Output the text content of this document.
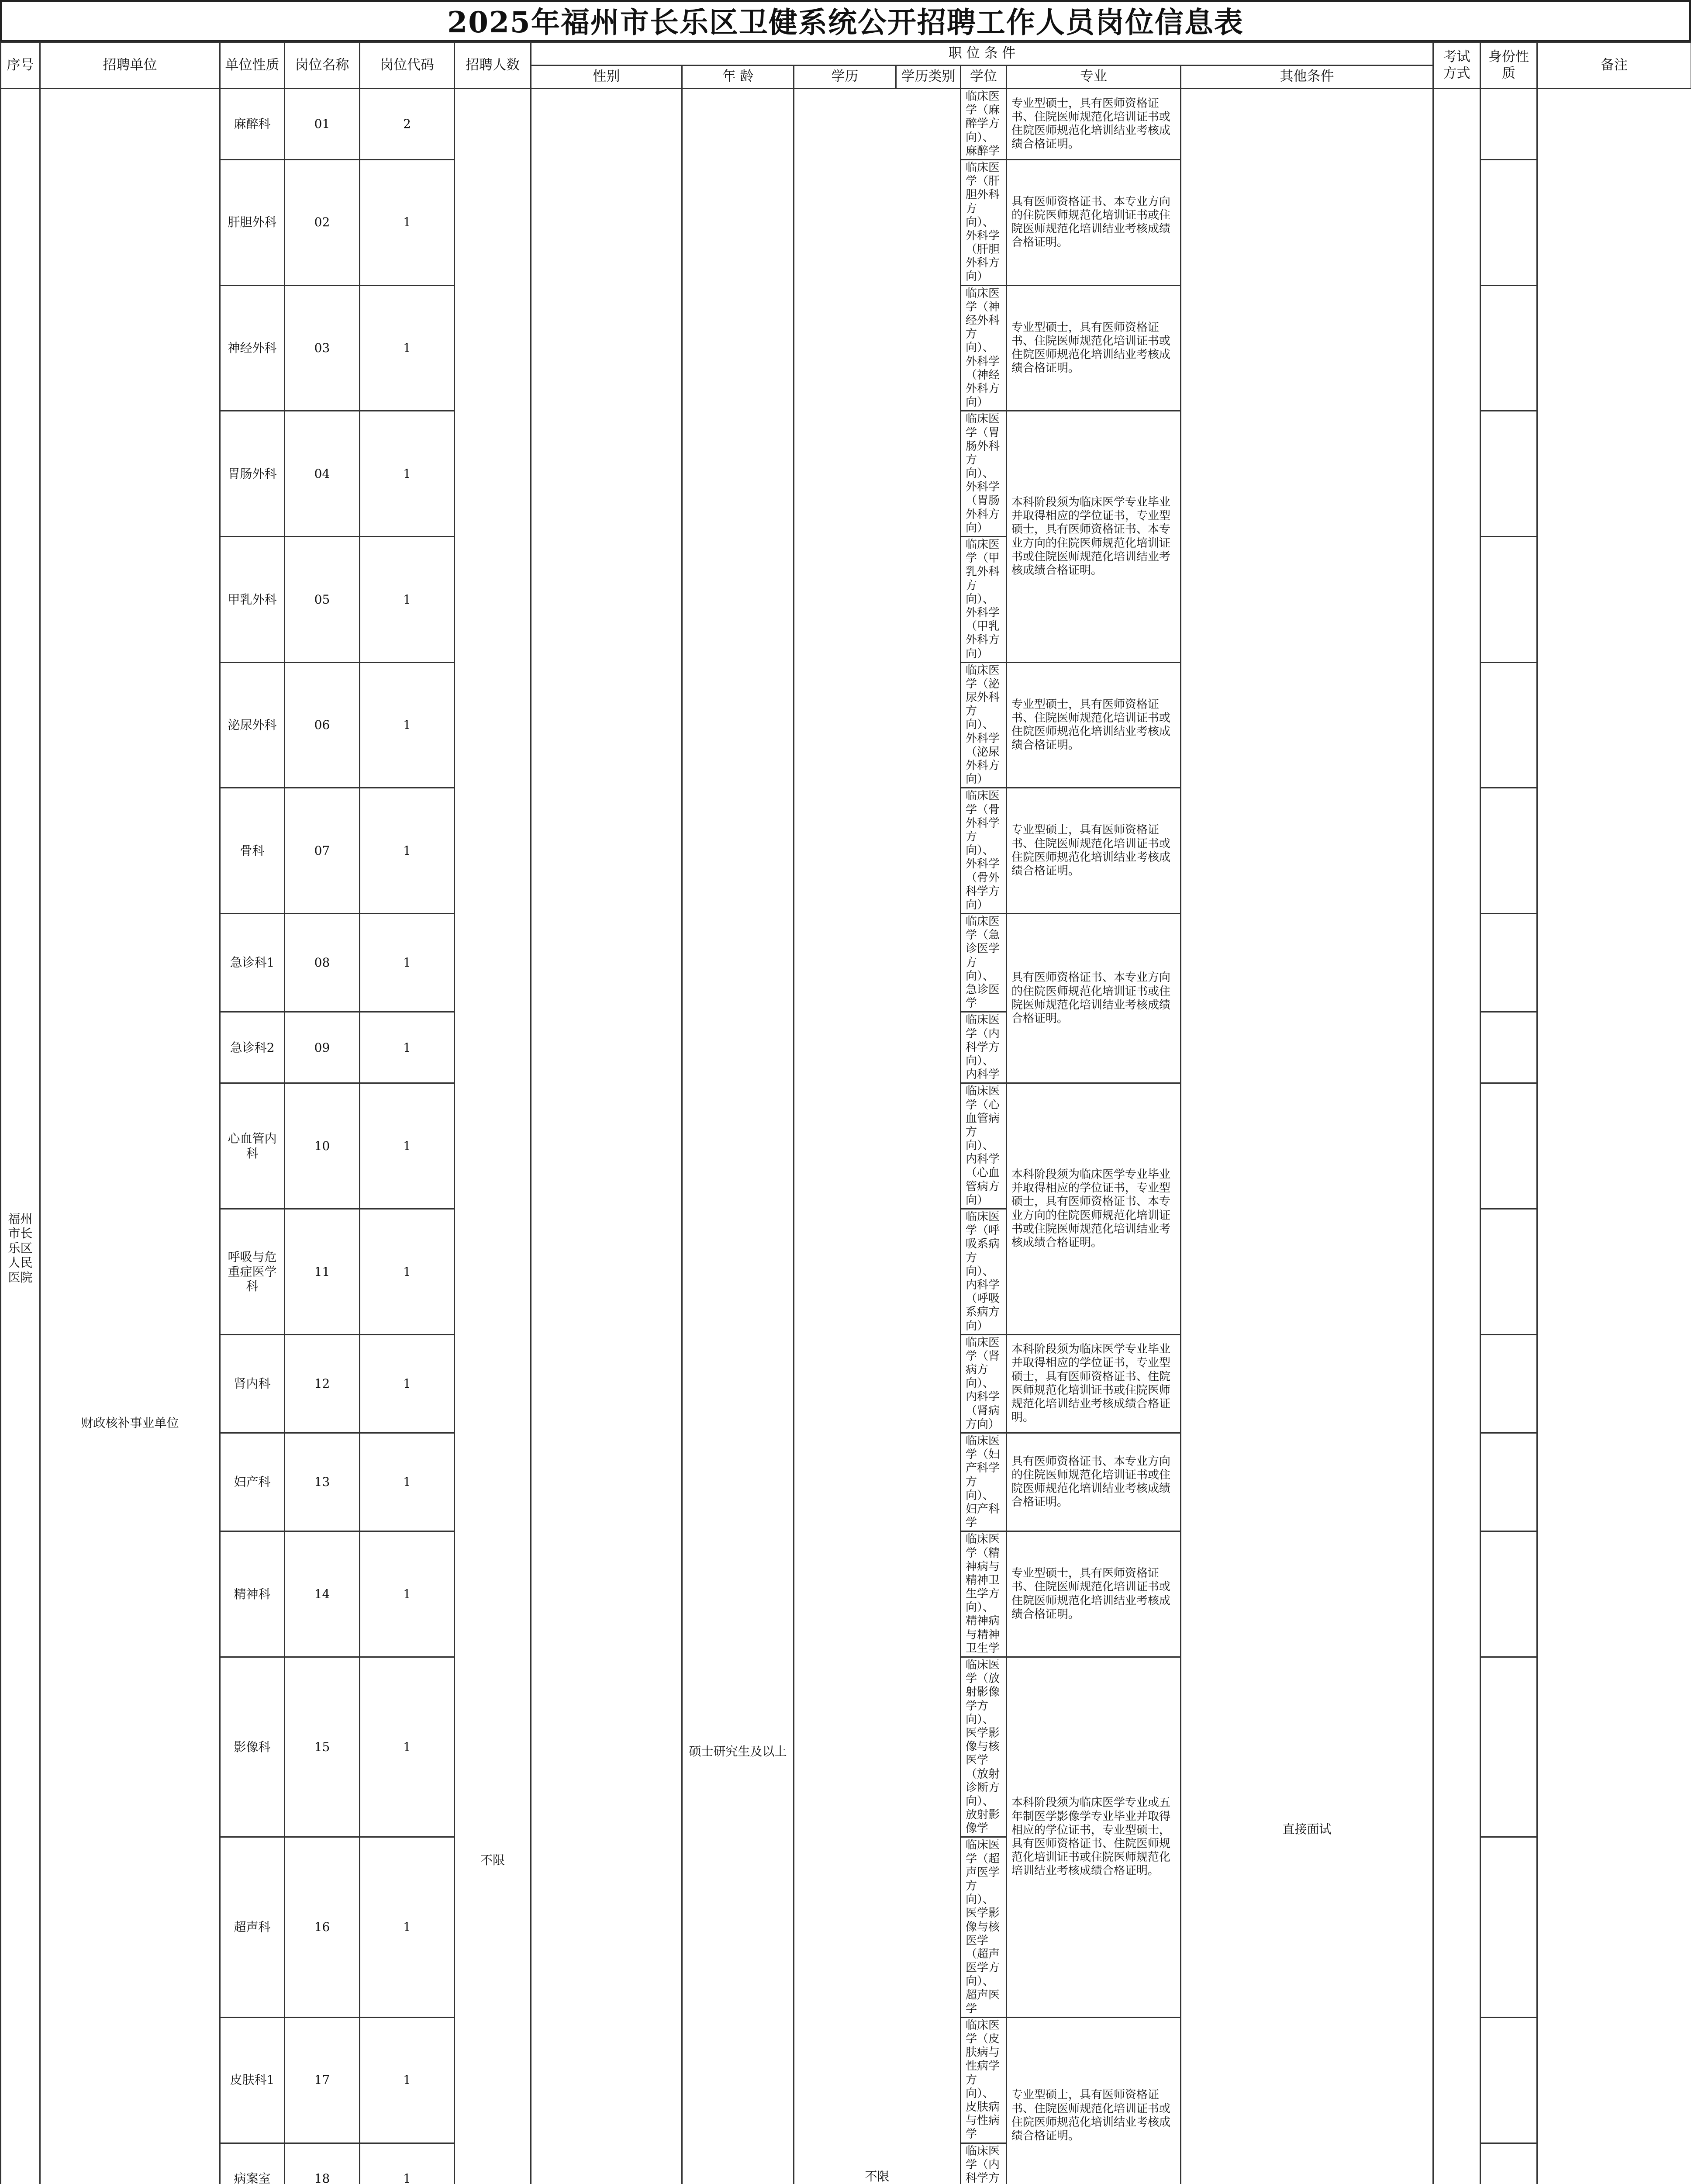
2025年福州市长乐区卫健系统公开招聘工作人员岗位信息表
序号	招聘单位	单位性质	岗位名称	岗位代码	招聘人数	职 位 条 件							考试方式	身份性质	备注
						性别	年 龄	学历	学历类别	学位	专业	其他条件			
福州市长乐区人民医院	财政核补事业单位	麻醉科	01	2	不限		硕士研究生及以上	不限		临床医学（麻醉学方向）、麻醉学	专业型硕士，具有医师资格证书、住院医师规范化培训证书或住院医师规范化培训结业考核成绩合格证明。	直接面试		
		肝胆外科	02	1						临床医学（肝胆外科方向）、外科学（肝胆外科方向）	具有医师资格证书、本专业方向的住院医师规范化培训证书或住院医师规范化培训结业考核成绩合格证明。				
		神经外科	03	1						临床医学（神经外科方向）、外科学（神经外科方向）	专业型硕士，具有医师资格证书、住院医师规范化培训证书或住院医师规范化培训结业考核成绩合格证明。				
		胃肠外科	04	1						临床医学（胃肠外科方向）、外科学（胃肠外科方向）	本科阶段须为临床医学专业毕业并取得相应的学位证书，专业型硕士，具有医师资格证书、本专业方向的住院医师规范化培训证书或住院医师规范化培训结业考核成绩合格证明。				
		甲乳外科	05	1						临床医学（甲乳外科方向）、外科学（甲乳外科方向）					
		泌尿外科	06	1						临床医学（泌尿外科方向）、外科学（泌尿外科方向）	专业型硕士，具有医师资格证书、住院医师规范化培训证书或住院医师规范化培训结业考核成绩合格证明。				
		骨科	07	1						临床医学（骨外科学方向）、外科学（骨外科学方向）	专业型硕士，具有医师资格证书、住院医师规范化培训证书或住院医师规范化培训结业考核成绩合格证明。				
		急诊科1	08	1						临床医学（急诊医学方向）、急诊医学	具有医师资格证书、本专业方向的住院医师规范化培训证书或住院医师规范化培训结业考核成绩合格证明。				
		急诊科2	09	1						临床医学（内科学方向）、内科学					
		心血管内科	10	1						临床医学（心血管病方向）、内科学（心血管病方向）	本科阶段须为临床医学专业毕业并取得相应的学位证书，专业型硕士，具有医师资格证书、本专业方向的住院医师规范化培训证书或住院医师规范化培训结业考核成绩合格证明。				
		呼吸与危重症医学科	11	1						临床医学（呼吸系病方向）、内科学（呼吸系病方向）					
		肾内科	12	1						临床医学（肾病方向）、内科学（肾病方向）	本科阶段须为临床医学专业毕业并取得相应的学位证书，专业型硕士，具有医师资格证书、住院医师规范化培训证书或住院医师规范化培训结业考核成绩合格证明。				
		妇产科	13	1						临床医学（妇产科学方向）、妇产科学	具有医师资格证书、本专业方向的住院医师规范化培训证书或住院医师规范化培训结业考核成绩合格证明。				
		精神科	14	1						临床医学（精神病与精神卫生学方向）、精神病与精神卫生学	专业型硕士，具有医师资格证书、住院医师规范化培训证书或住院医师规范化培训结业考核成绩合格证明。				
		影像科	15	1						临床医学（放射影像学方向）、医学影像与核医学（放射诊断方向）、放射影像学	本科阶段须为临床医学专业或五年制医学影像学专业毕业并取得相应的学位证书，专业型硕士，具有医师资格证书、住院医师规范化培训证书或住院医师规范化培训结业考核成绩合格证明。				
		超声科	16	1						临床医学（超声医学方向）、医学影像与核医学（超声医学方向）、超声医学					
		皮肤科1	17	1						临床医学（皮肤病与性病学方向）、皮肤病与性病学	专业型硕士，具有医师资格证书、住院医师规范化培训证书或住院医师规范化培训结业考核成绩合格证明。				
		病案室	18	1						临床医学（内科学方					
